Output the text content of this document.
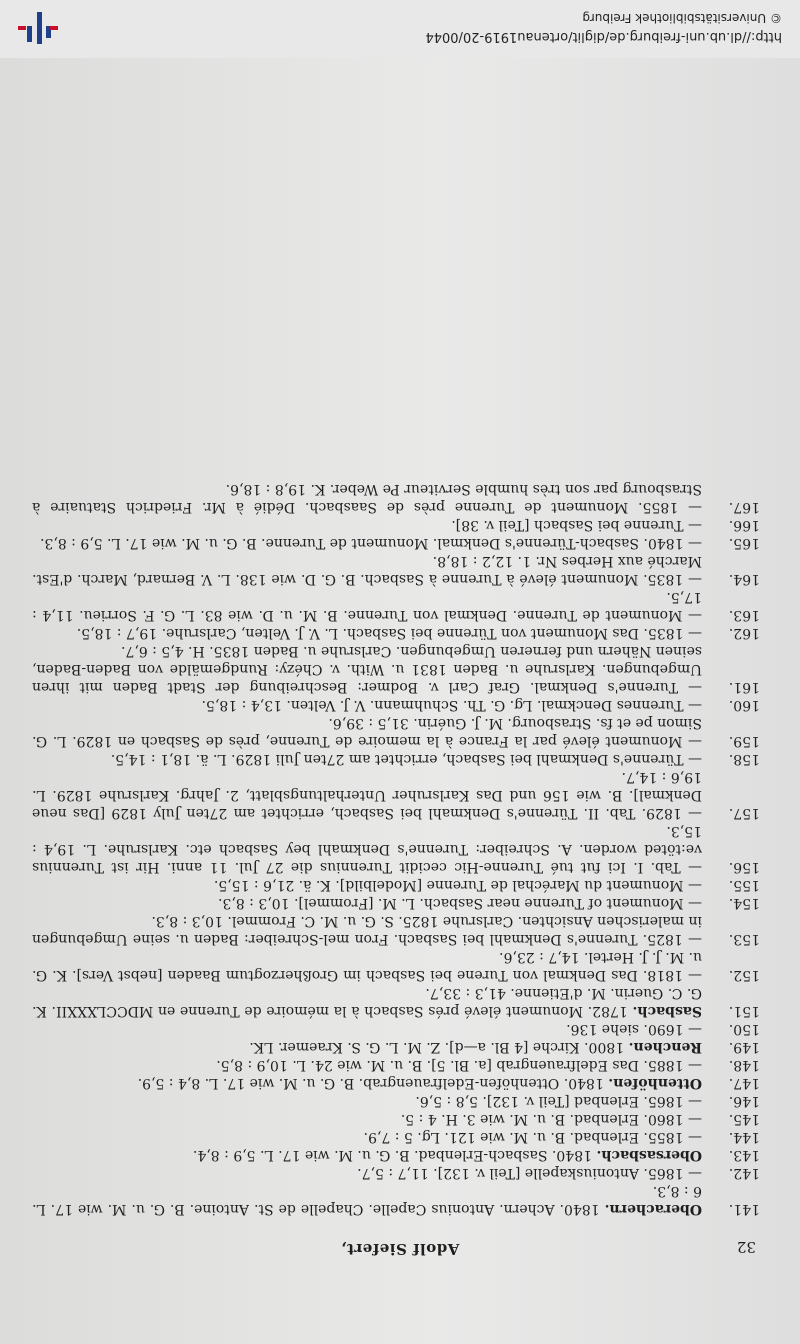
32
Adolf Siefert,
141.
Oberachern. 1840. Achern. Antonius Capelle. Chapelle de St. Antoine. B. G. u. M. wie 17. L. 6 : 8,3.
142.
— 1865. Antoniuskapelle [Teil v. 132]. 11,7 : 5,7.
143.
Obersasbach. 1840. Sasbach-Erlenbad. B. G. u. M. wie 17. L. 5,9 : 8,4.
144.
— 1855. Erlenbad. B. u. M. wie 121. Lg. 5 : 7,9.
145.
— 1860. Erlenbad. B. u. M. wie 3. H. 4 : 5.
146.
— 1865. Erlenbad [Teil v. 132]. 5,8 : 5,6.
147.
Ottenhöfen. 1840. Ottenhöfen-Edelfrauengrab. B. G. u. M. wie 17. L. 8,4 : 5,9.
148.
— 1885. Das Edelfrauengrab [a. Bl. 5]. B. u. M. wie 24. L. 10,9 : 8,5.
149.
Renchen. 1800. Kirche [4 Bl. a—d]. Z. M. L. G. S. Kraemer. LK.
150.
— 1690. siehe 136.
151.
Sasbach. 1782. Monument élevé prés Sasbach à la mémoire de Turenne en MDCCLXXXII. K. G. C. Guerin. M. d'Etienne. 41,3 : 33,7.
152.
— 1818. Das Denkmal von Turene bei Sasbach im Großherzogtum Baaden [nebst Vers]. K. G. u. M. J. J. Hertel. 14,7 : 23,6.
153.
— 1825. Turenne's Denkmahl bei Sasbach. Fron mel-Schreiber: Baden u. seine Umgebungen in malerischen Ansichten. Carlsruhe 1825. S. G. u. M. C. Frommel. 10,3 : 8,3.
154.
— Monument of Turenne near Sasbach. L. M. [Frommel]. 10,3 : 8,3.
155.
— Monument du Maréchal de Turenne [Modelbild]. K. ä. 21,6 : 15,5.
156.
— Tab. I. Ici fut tué Turenne-Hic cecidit Turennius die 27 Jul. 11 anni. Hir ist Turennius ve:töted worden. A. Schreiber: Turenne's Denkmahl bey Sasbach etc. Karlsruhe. L. 19,4 : 15,3.
157.
— 1829. Tab. II. Türenne's Denkmahl bei Sasbach, errichtet am 27ten July 1829 [Das neue Denkmal]. B. wie 156 und Das Karlsruher Unterhaltungsblatt, 2. Jahrg. Karlsruhe 1829. L. 19,6 : 14,7.
158.
— Türenne's Denkmahl bei Sasbach, errichtet am 27ten Juli 1829. L. ä. 18,1 : 14,5.
159.
— Monument élevé par la France à la memoire de Turenne, près de Sasbach en 1829. L. G. Simon pe et fs. Strasbourg. M. J. Guérin. 31,5 : 39,6.
160.
— Turennes Denckmal. Lg. G. Th. Schuhmann. V. J. Velten. 13,4 : 18,5.
161.
— Turenne's Denkmal. Graf Carl v. Bodmer: Beschreibung der Stadt Baden mit ihren Umgebungen. Karlsruhe u. Baden 1831 u. With. v. Chézy: Rundgemälde von Baden-Baden, seinen Nähern und ferneren Umgebungen. Carlsruhe u. Baden 1835. H. 4,5 : 6,7.
162.
— 1835. Das Monument von Türenne bei Sasbach. L. V. J. Velten, Carlsruhe. 19,7 : 18,5.
163.
— Monument de Turenne. Denkmal von Turenne. B. M. u. D. wie 83. L. G. F. Sorrieu. 11,4 : 17,5.
164.
— 1835. Monument élevé à Turenne à Sasbach. B. G. D. wie 138. L. V. Bernard, March. d'Est. Marché aux Herbes Nr. 1. 12,2 : 18,8.
165.
— 1840. Sasbach-Türenne's Denkmal. Monument de Turenne. B. G. u. M. wie 17. L. 5,9 : 8,3.
166.
— Turenne bei Sasbach [Teil v. 38].
167.
— 1855. Monument de Turenne près de Saasbach. Dédié à Mr. Friedrich Statuaire à Strasbourg par son très humble Serviteur Pe Weber. K. 19,8 : 18,6.
http://dl.ub.uni-freiburg.de/diglit/ortenau1919-20/0044
© Universitätsbibliothek Freiburg
